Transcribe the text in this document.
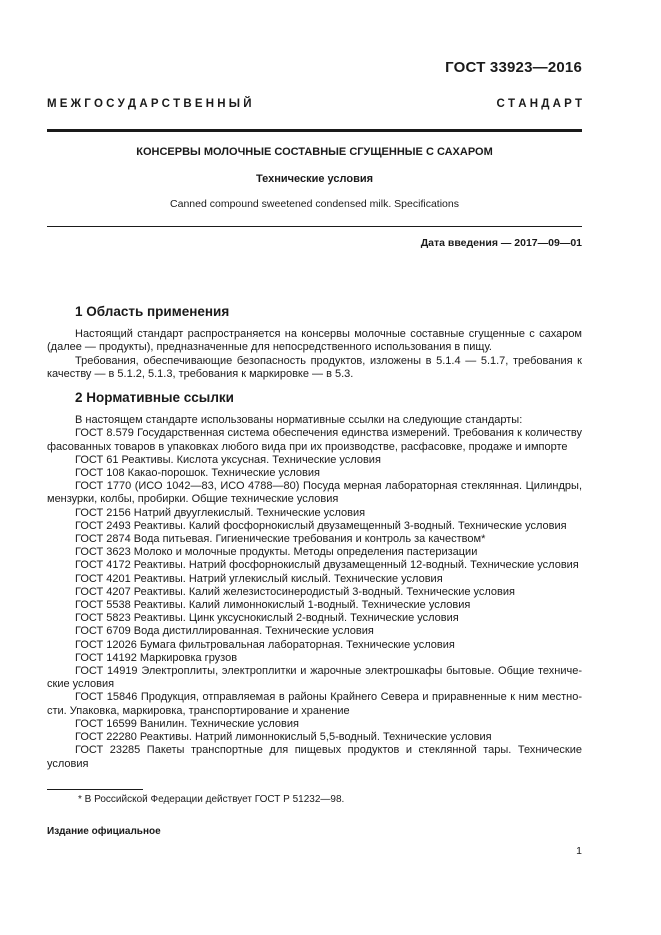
ГОСТ 33923—2016
М Е Ж Г О С У Д А Р С Т В Е Н Н Ы Й	С Т А Н Д А Р Т
КОНСЕРВЫ МОЛОЧНЫЕ СОСТАВНЫЕ СГУЩЕННЫЕ С САХАРОМ
Технические условия
Canned compound sweetened condensed milk. Specifications
Дата введения — 2017—09—01
1 Область применения

Настоящий стандарт распространяется на консервы молочные составные сгущенные с сахаром (далее — продукты), предназначенные для непосредственного использования в пищу.

Требования, обеспечивающие безопасность продуктов, изложены в 5.1.4 — 5.1.7, требования к качеству — в 5.1.2, 5.1.3, требования к маркировке — в 5.3.

2 Нормативные ссылки

В настоящем стандарте использованы нормативные ссылки на следующие стандарты:

ГОСТ 8.579 Государственная система обеспечения единства измерений. Требования к количеству фасованных товаров в упаковках любого вида при их производстве, расфасовке, продаже и импорте

ГОСТ 61 Реактивы. Кислота уксусная. Технические условия

ГОСТ 108 Какао-порошок. Технические условия

ГОСТ 1770 (ИСО 1042—83, ИСО 4788—80) Посуда мерная лабораторная стеклянная. Цилиндры, мензурки, колбы, пробирки. Общие технические условия

ГОСТ 2156 Натрий двууглекислый. Технические условия

ГОСТ 2493 Реактивы. Калий фосфорнокислый двузамещенный 3-водный. Технические условия

ГОСТ 2874 Вода питьевая. Гигиенические требования и контроль за качеством*

ГОСТ 3623 Молоко и молочные продукты. Методы определения пастеризации

ГОСТ 4172 Реактивы. Натрий фосфорнокислый двузамещенный 12-водный. Технические условия

ГОСТ 4201 Реактивы. Натрий углекислый кислый. Технические условия

ГОСТ 4207 Реактивы. Калий железистосинеродистый 3-водный. Технические условия

ГОСТ 5538 Реактивы. Калий лимоннокислый 1-водный. Технические условия

ГОСТ 5823 Реактивы. Цинк уксуснокислый 2-водный. Технические условия

ГОСТ 6709 Вода дистиллированная. Технические условия

ГОСТ 12026 Бумага фильтровальная лабораторная. Технические условия

ГОСТ 14192 Маркировка грузов

ГОСТ 14919 Электроплиты, электроплитки и жарочные электрошкафы бытовые. Общие техниче-ские условия

ГОСТ 15846 Продукция, отправляемая в районы Крайнего Севера и приравненные к ним местно-сти. Упаковка, маркировка, транспортирование и хранение

ГОСТ 16599 Ванилин. Технические условия

ГОСТ 22280 Реактивы. Натрий лимоннокислый 5,5-водный. Технические условия

ГОСТ 23285 Пакеты транспортные для пищевых продуктов и стеклянной тары. Технические условия

* В Российской Федерации действует ГОСТ Р 51232—98.
Издание официальное
1
